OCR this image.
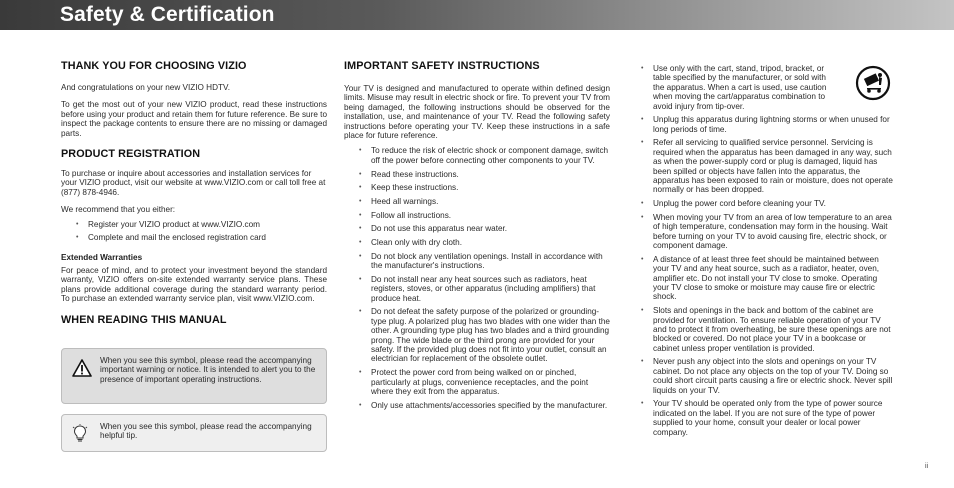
Safety & Certification
THANK YOU FOR CHOOSING VIZIO

And congratulations on your new VIZIO HDTV.

To get the most out of your new VIZIO product, read these instructions before using your product and retain them for future reference. Be sure to inspect the package contents to ensure there are no missing or damaged parts.

PRODUCT REGISTRATION

To purchase or inquire about accessories and installation services for your VIZIO product, visit our website at www.VIZIO.com or call toll free at (877) 878-4946.

We recommend that you either:

• Register your VIZIO product at www.VIZIO.com
• Complete and mail the enclosed registration card
Extended Warranties

For peace of mind, and to protect your investment beyond the standard warranty, VIZIO offers on-site extended warranty service plans. These plans provide additional coverage during the standard warranty period. To purchase an extended warranty service plan, visit www.VIZIO.com.

WHEN READING THIS MANUAL
When you see this symbol, please read the accompanying important warning or notice. It is intended to alert you to the presence of important operating instructions.
When you see this symbol, please read the accompanying helpful tip.
IMPORTANT SAFETY INSTRUCTIONS

Your TV is designed and manufactured to operate within defined design limits. Misuse may result in electric shock or fire. To prevent your TV from being damaged, the following instructions should be observed for the installation, use, and maintenance of your TV. Read the following safety instructions before operating your TV. Keep these instructions in a safe place for future reference.

• To reduce the risk of electric shock or component damage, switch off the power before connecting other components to your TV.
• Read these instructions.
• Keep these instructions.
• Heed all warnings.
• Follow all instructions.
• Do not use this apparatus near water.
• Clean only with dry cloth.
• Do not block any ventilation openings. Install in accordance with the manufacturer's instructions.
• Do not install near any heat sources such as radiators, heat registers, stoves, or other apparatus (including amplifiers) that produce heat.
• Do not defeat the safety purpose of the polarized or grounding-type plug. A polarized plug has two blades with one wider than the other. A grounding type plug has two blades and a third grounding prong. The wide blade or the third prong are provided for your safety. If the provided plug does not fit into your outlet, consult an electrician for replacement of the obsolete outlet.
• Protect the power cord from being walked on or pinched, particularly at plugs, convenience receptacles, and the point where they exit from the apparatus.
• Only use attachments/accessories specified by the manufacturer.
• Use only with the cart, stand, tripod, bracket, or table specified by the manufacturer, or sold with the apparatus. When a cart is used, use caution when moving the cart/apparatus combination to avoid injury from tip-over.
• Unplug this apparatus during lightning storms or when unused for long periods of time.
• Refer all servicing to qualified service personnel. Servicing is required when the apparatus has been damaged in any way, such as when the power-supply cord or plug is damaged, liquid has been spilled or objects have fallen into the apparatus, the apparatus has been exposed to rain or moisture, does not operate normally or has been dropped.
• Unplug the power cord before cleaning your TV.
• When moving your TV from an area of low temperature to an area of high temperature, condensation may form in the housing. Wait before turning on your TV to avoid causing fire, electric shock, or component damage.
• A distance of at least three feet should be maintained between your TV and any heat source, such as a radiator, heater, oven, amplifier etc. Do not install your TV close to smoke. Operating your TV close to smoke or moisture may cause fire or electric shock.
• Slots and openings in the back and bottom of the cabinet are provided for ventilation. To ensure reliable operation of your TV and to protect it from overheating, be sure these openings are not blocked or covered. Do not place your TV in a bookcase or cabinet unless proper ventilation is provided.
• Never push any object into the slots and openings on your TV cabinet. Do not place any objects on the top of your TV. Doing so could short circuit parts causing a fire or electric shock. Never spill liquids on your TV.
• Your TV should be operated only from the type of power source indicated on the label. If you are not sure of the type of power supplied to your home, consult your dealer or local power company.
ii
